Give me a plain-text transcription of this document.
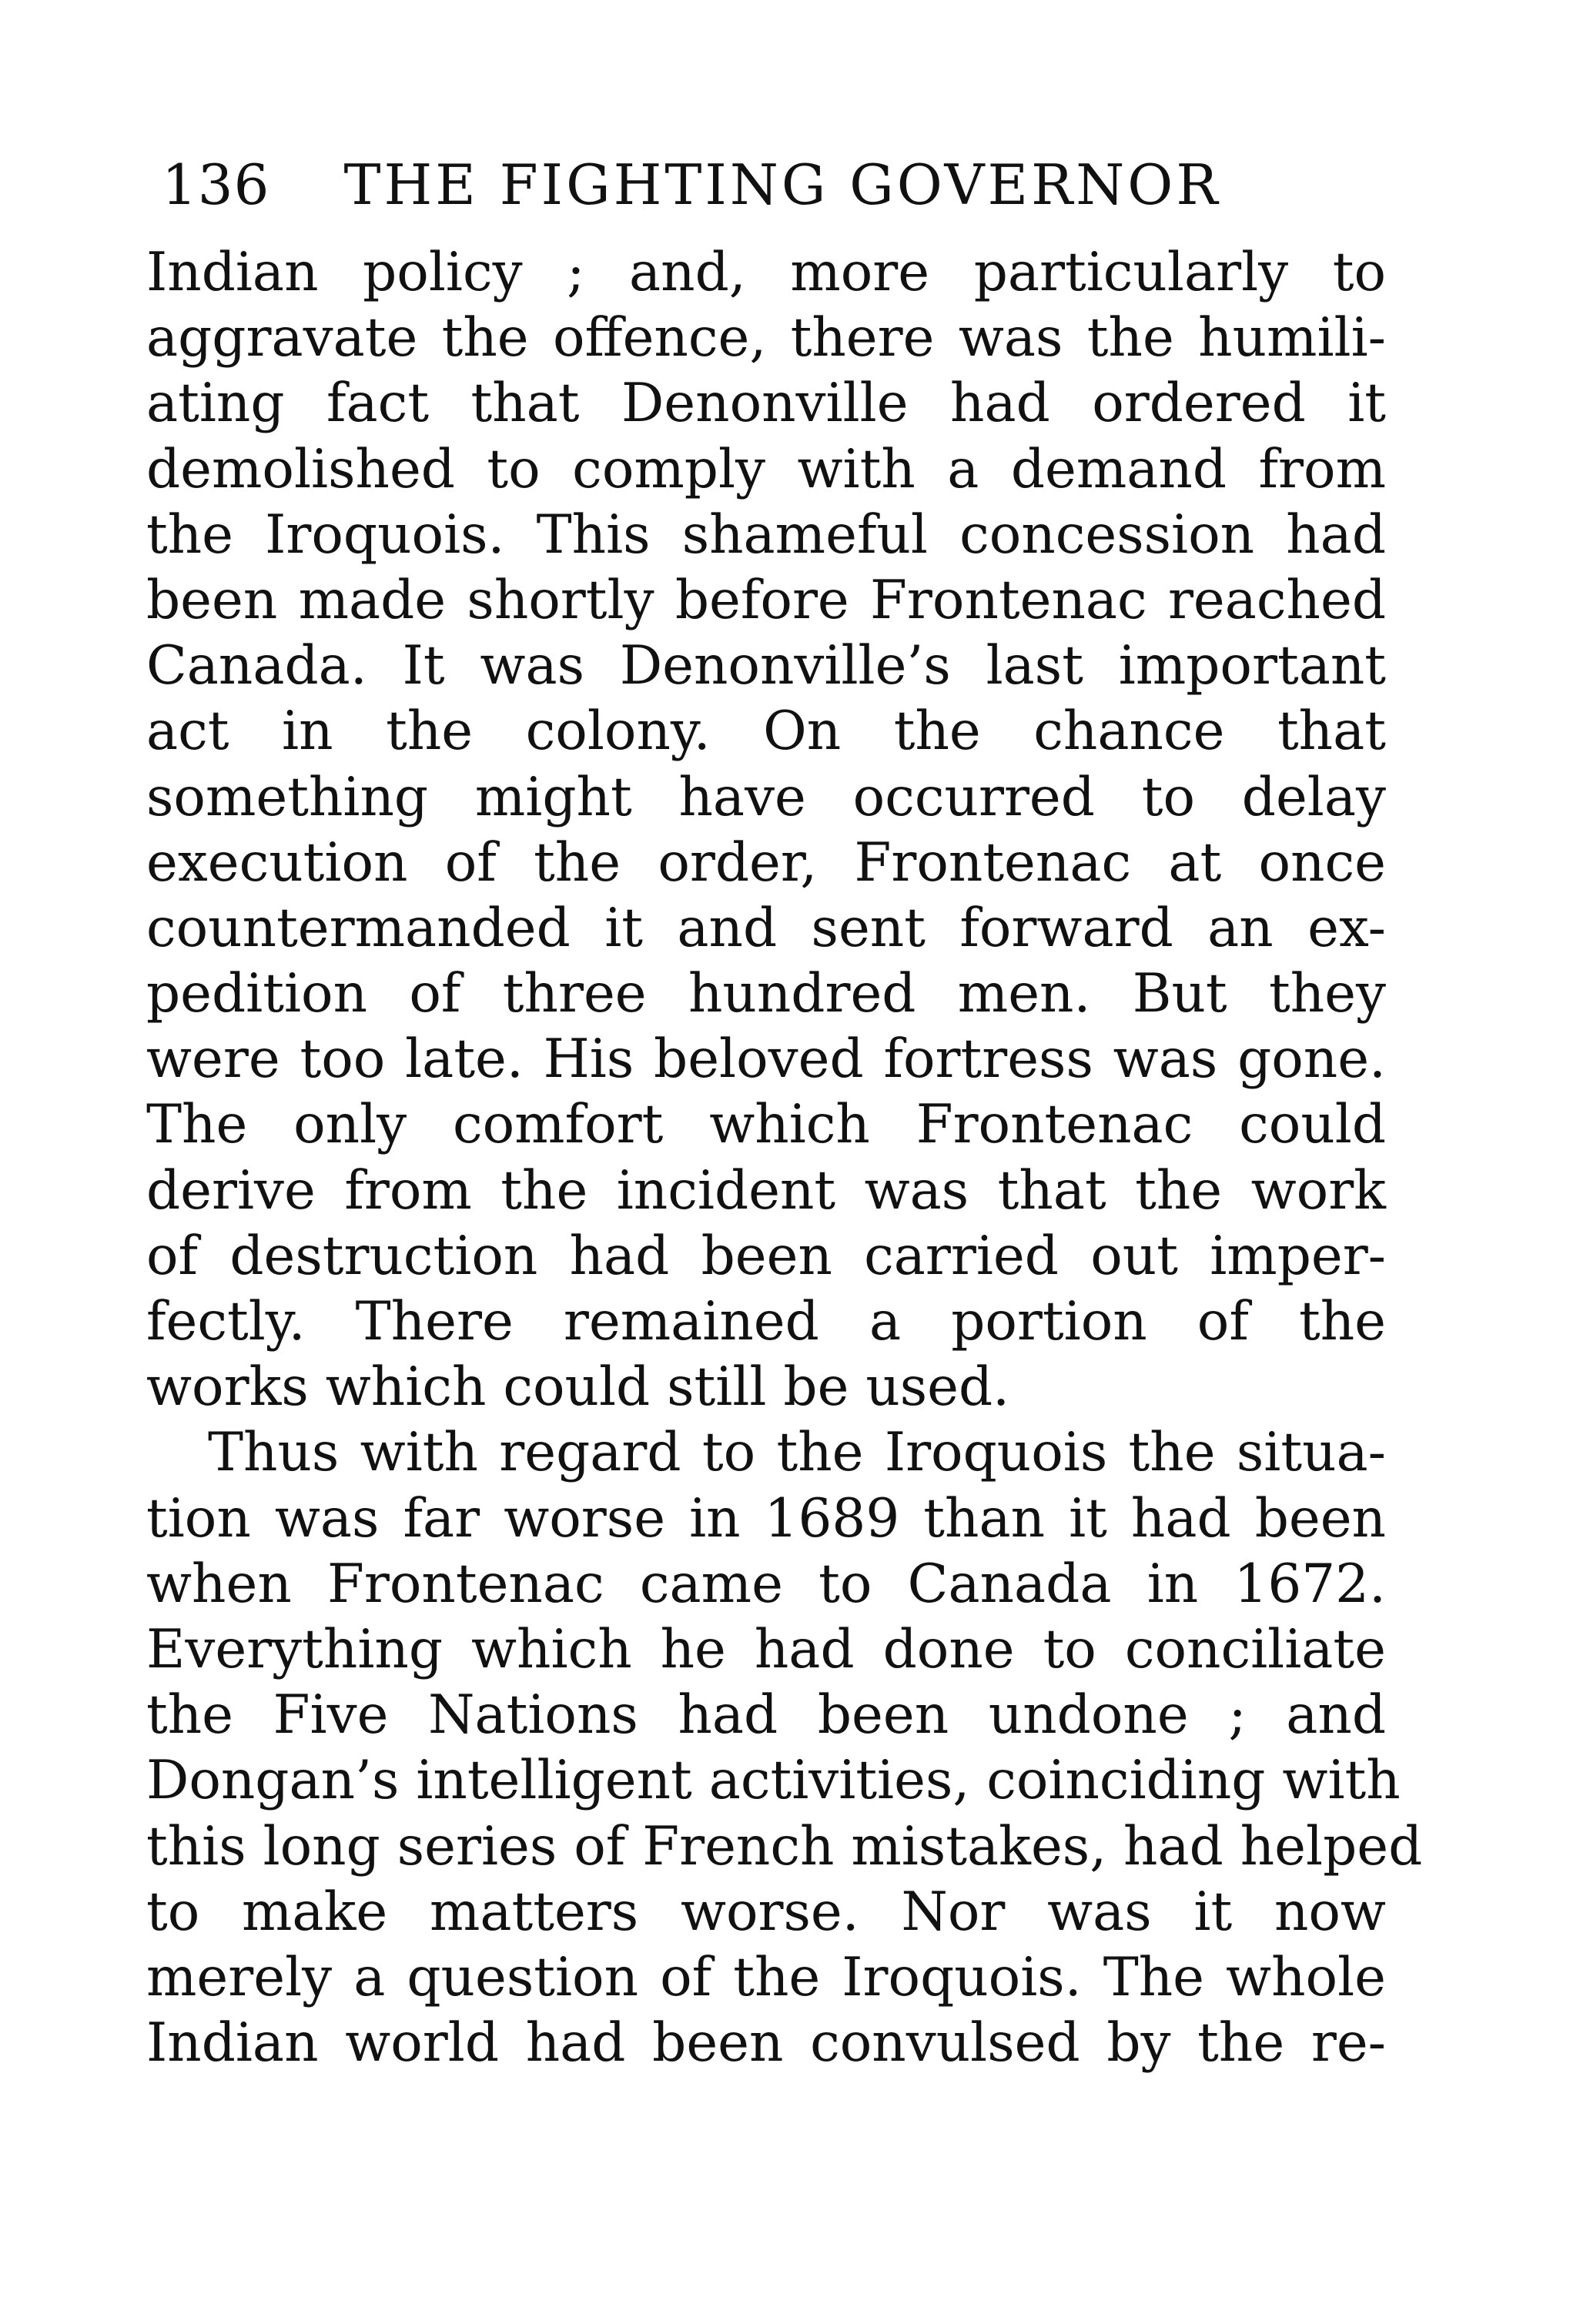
136 THE FIGHTING GOVERNOR
Indian policy ; and, more particularly to
aggravate the offence, there was the humili-
ating fact that Denonville had ordered it
demolished to comply with a demand from
the Iroquois. This shameful concession had
been made shortly before Frontenac reached
Canada. It was Denonville’s last important
act in the colony. On the chance that
something might have occurred to delay
execution of the order, Frontenac at once
countermanded it and sent forward an ex-
pedition of three hundred men. But they
were too late. His beloved fortress was gone.
The only comfort which Frontenac could
derive from the incident was that the work
of destruction had been carried out imper-
fectly. There remained a portion of the
works which could still be used.
Thus with regard to the Iroquois the situa-
tion was far worse in 1689 than it had been
when Frontenac came to Canada in 1672.
Everything which he had done to conciliate
the Five Nations had been undone ; and
Dongan’s intelligent activities, coinciding with
this long series of French mistakes, had helped
to make matters worse. Nor was it now
merely a question of the Iroquois. The whole
Indian world had been convulsed by the re-
